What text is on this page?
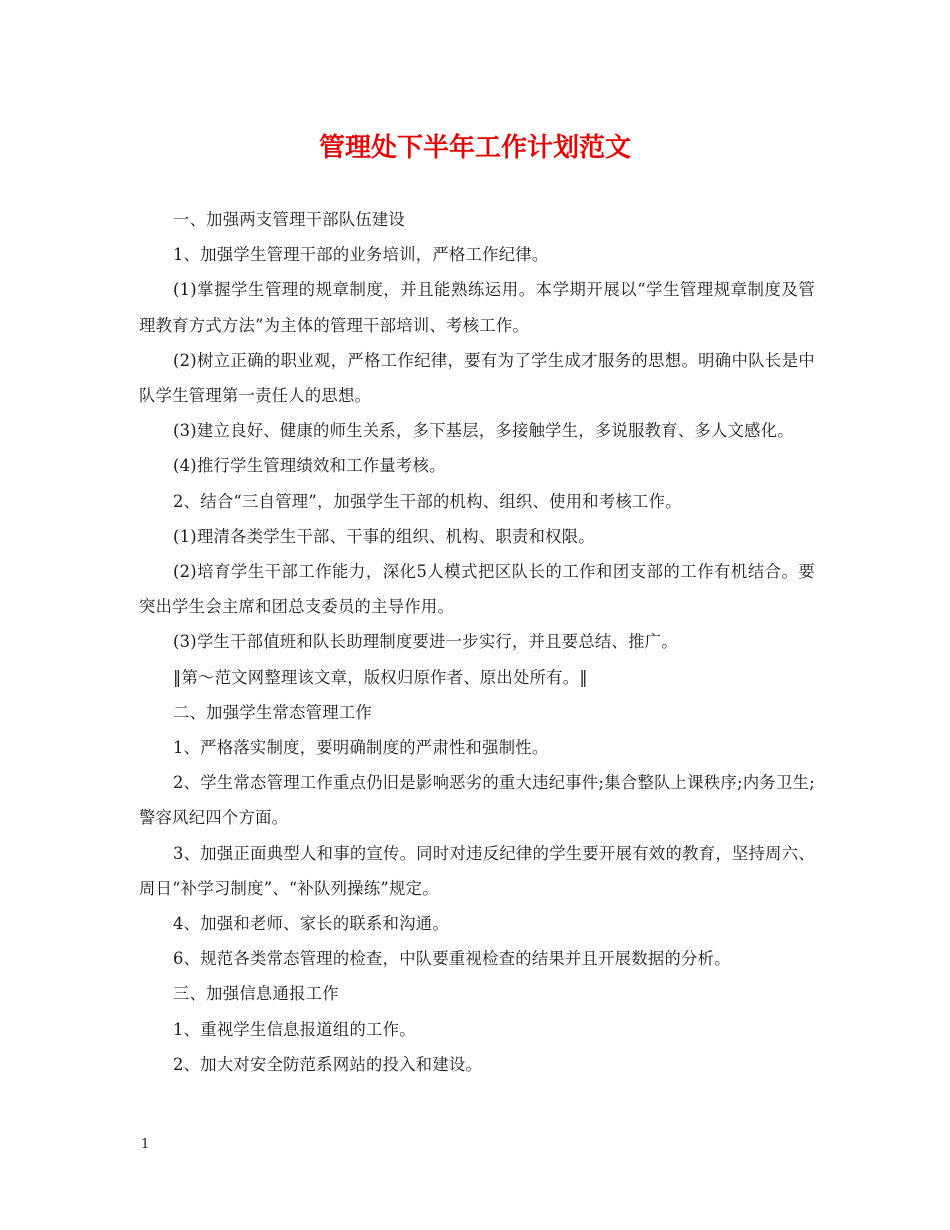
管理处下半年工作计划范文

一、加强两支管理干部队伍建设

1、加强学生管理干部的业务培训，严格工作纪律。

(1)掌握学生管理的规章制度，并且能熟练运用。本学期开展以“学生管理规章制度及管理教育方式方法”为主体的管理干部培训、考核工作。

(2)树立正确的职业观，严格工作纪律，要有为了学生成才服务的思想。明确中队长是中队学生管理第一责任人的思想。

(3)建立良好、健康的师生关系，多下基层，多接触学生，多说服教育、多人文感化。

(4)推行学生管理绩效和工作量考核。

2、结合“三自管理”，加强学生干部的机构、组织、使用和考核工作。

(1)理清各类学生干部、干事的组织、机构、职责和权限。

(2)培育学生干部工作能力，深化5人模式把区队长的工作和团支部的工作有机结合。要突出学生会主席和团总支委员的主导作用。

(3)学生干部值班和队长助理制度要进一步实行，并且要总结、推广。

‖第～范文网整理该文章，版权归原作者、原出处所有。‖

二、加强学生常态管理工作

1、严格落实制度，要明确制度的严肃性和强制性。

2、学生常态管理工作重点仍旧是影响恶劣的重大违纪事件;集合整队上课秩序;内务卫生;警容风纪四个方面。

3、加强正面典型人和事的宣传。同时对违反纪律的学生要开展有效的教育，坚持周六、周日“补学习制度”、“补队列操练”规定。

4、加强和老师、家长的联系和沟通。

6、规范各类常态管理的检查，中队要重视检查的结果并且开展数据的分析。

三、加强信息通报工作

1、重视学生信息报道组的工作。

2、加大对安全防范系网站的投入和建设。

1
